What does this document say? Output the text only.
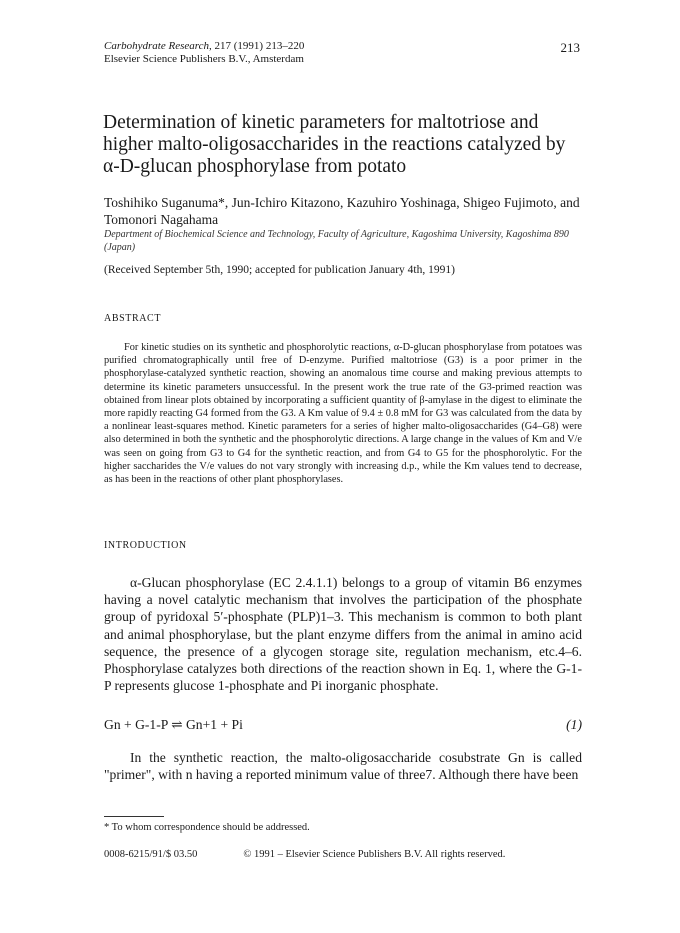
Carbohydrate Research, 217 (1991) 213–220
Elsevier Science Publishers B.V., Amsterdam
213
Determination of kinetic parameters for maltotriose and higher malto-oligosaccharides in the reactions catalyzed by α-D-glucan phosphorylase from potato
Toshihiko Suganuma*, Jun-Ichiro Kitazono, Kazuhiro Yoshinaga, Shigeo Fujimoto, and Tomonori Nagahama
Department of Biochemical Science and Technology, Faculty of Agriculture, Kagoshima University, Kagoshima 890 (Japan)
(Received September 5th, 1990; accepted for publication January 4th, 1991)
ABSTRACT

For kinetic studies on its synthetic and phosphorolytic reactions, α-D-glucan phosphorylase from potatoes was purified chromatographically until free of D-enzyme. Purified maltotriose (G3) is a poor primer in the phosphorylase-catalyzed synthetic reaction, showing an anomalous time course and making previous attempts to determine its kinetic parameters unsuccessful. In the present work the true rate of the G3-primed reaction was obtained from linear plots obtained by incorporating a sufficient quantity of β-amylase in the digest to eliminate the more rapidly reacting G4 formed from the G3. A Km value of 9.4 ± 0.8 mM for G3 was calculated from the data by a nonlinear least-squares method. Kinetic parameters for a series of higher malto-oligosaccharides (G4–G8) were also determined in both the synthetic and the phosphorolytic directions. A large change in the values of Km and V/e was seen on going from G3 to G4 for the synthetic reaction, and from G4 to G5 for the phosphorolytic. For the higher saccharides the V/e values do not vary strongly with increasing d.p., while the Km values tend to decrease, as has been in the reactions of other plant phosphorylases.

INTRODUCTION

α-Glucan phosphorylase (EC 2.4.1.1) belongs to a group of vitamin B6 enzymes having a novel catalytic mechanism that involves the participation of the phosphate group of pyridoxal 5′-phosphate (PLP)1–3. This mechanism is common to both plant and animal phosphorylase, but the plant enzyme differs from the animal in amino acid sequence, the presence of a glycogen storage site, regulation mechanism, etc.4–6. Phosphorylase catalyzes both directions of the reaction shown in Eq. 1, where the G-1-P represents glucose 1-phosphate and Pi inorganic phosphate.

Gn + G-1-P ⇌ Gn+1 + Pi	(1)

In the synthetic reaction, the malto-oligosaccharide cosubstrate Gn is called "primer", with n having a reported minimum value of three7. Although there have been

* To whom correspondence should be addressed.
0008-6215/91/$ 03.50	© 1991 – Elsevier Science Publishers B.V. All rights reserved.
